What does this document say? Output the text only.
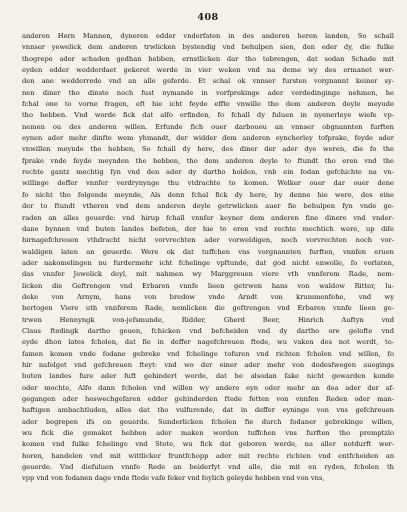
408
anderen Hern Mannen, dyneren edder vnderfaten in des anderen heren landen, So schall
vnnser yewelick dem anderen trwlicken bystendig vnd behulpen sien, den eder dy, die fulke
thogrepe ader schaden gedhan hebben, ernstlicken dar tho tobrengen, dat sodan Schade mit
eyden edder wedderdaet gekeret werde in vier weken vnd na deme wy des ermanet wer-
den ane wedderrede vnd an alle geferde. Et schal ok vnnser fursten vorgnannt keiner sy-
nen diner tho dinste noch fust nymande in vorfprekinge ader verdedinginge nehmen, he
fchal one to vorne fragen, eft hie icht feyde effte vnwille tho dem anderen deyle meyude
tho hebben. Vnd worde fick dat alfo erfinden, fo fchall dy fuluen in nyenerleye wiefe vp-
nemen ou des anderen willen. Erfunde fich ouer darboueu an vnnser obgnannten furften
eynen ader mehr dinfte wem yhmandt, der widder dem anderen eyncherley tofprake, feyde ader
vnwillen meynde tho hebben, So fchall dy here, des diner der ader dye weren, die fo the
fprake vnde feyde meynden the hebben, tho dem anderen deyle to ftundt tho eren vnd the
rechte gantz mechtig fyn vnd den ader dy dartho holden, vnb ein fodan gefchichte na vn-
willinge deffer vnnfer verdrynynge thu vtdrachte to komen. Welker ouer dar ouer dene
fo nicht tho folgende meynde, Als denn fchal fick dy here, hy denne hie were, des eine
der to ftundt vtheren vnd dem anderen deyle getrwlicken auer fie behulpen fyn vnde ge-
raden an alles geuerde: vnd hirup fchall vnnfer keyner dem anderen fine dinere vnd vnder-
dane bynnen vnd buten landes befeten, der hie to eren vnd rechte mechtich were, up dife
hirnagefchreuen vthdracht nicht vorvrechten ader vorweldigen, noch vorvrechten noch vor-
waldigen laten an geuerde. Were ok dat tuffchen vns vorgnannten furften, vnnfen eruen
ader nakomelingen nu furdermehr icht fchelinge vpftunde, dat god nicht enwolle, fo vorlaten,
das vnnfer Jewelick deyl, mit nahmen wy Marggreuen viere vth vnnferem Rade, nem-
licken die Geftrengen vnd Erbaren vnnfe lieen getrwen hans von waldow Ritter, lu-
deke von Arnym, hans von bredow vnde Arndt von krummenfehe, vnd wy
hertogen Viere uth vnnferem Rade, nemlicken die geftrengen vnd Erbaren vnnfe lieen ge-
trwen Hennyngk von-jefsmunde, Ridder, Gherd Beer, Hinrich Auftyn vnd
Claus ftedingk dartho geuen, fchicken vnd befcheiden vnd dy dartho ore gelofte vnd
eyde dhon lates fcholen, dat fie in deffer nagefchreuen ftede, wu vaken des not werdt, to-
famen komen vnde fodane gebreke vnd fchelinge tofuren vnd richten fcholen vnd willen, fo
hir nafolget vnd gefchreuen fteyt: vnd wo der einer ader mehr von dodesfwegen auegings
buten landes fure ader fuft gehindert worde, dat he alsodan fake nicht gewarden konde
oder mochte, Alfo dann fcholen vnd willen wy andere eyn oder mehr an dea ader der af-
gegangen ader heswechgefaren edder gehinderden ftede fetten von vnnfen Reden oder man-
haftigen ambachtluden, alles dat tho vulfurende, dat in deffer eyninge von vns gefchreuen
ader begrepen ifs on geuerde. Sunderlicken fcholen fie durch fodaner gebrekinge willen,
wu fick die gemaket hebben ader maken worden tuffchen vns furften tho premptzlo
komen vnd fulke fchelinge vnd Stote, wu fick dat geboren werde, na aller notdurft wer-
horen, handelen vnd mit wittlicker fruntfchopp ader mit rechte richten vnd entfcheiden an
geuerde. Vnd diefuluen vnnfe Rede an beiderfyt vnd alle, die mit en ryden, fcholen th
vpp vnd von fodanen dage vnde ftede vafe feker vnd feylich geleyde hebben vnd von vns,
